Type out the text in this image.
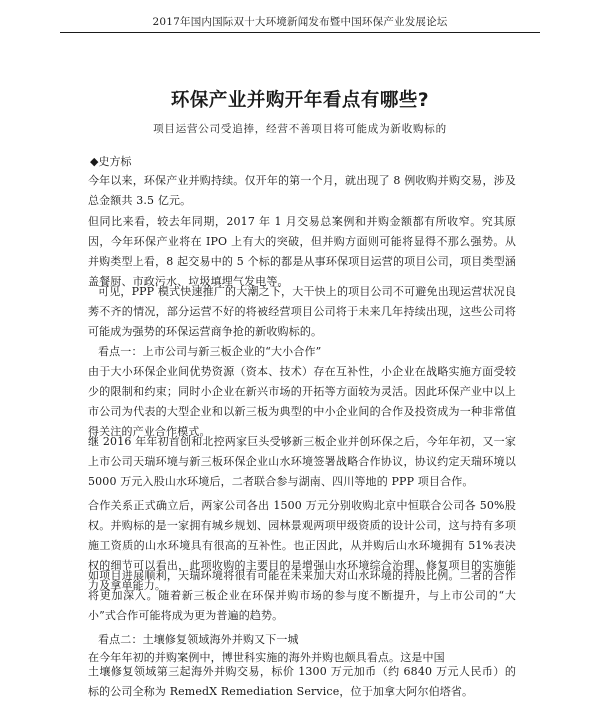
2017年国内国际双十大环境新闻发布暨中国环保产业发展论坛
环保产业并购开年看点有哪些?
项目运营公司受追捧，经营不善项目将可能成为新收购标的
◆史方标

今年以来，环保产业并购持续。仅开年的第一个月，就出现了 8 例收购并购交易，涉及总金额共 3.5 亿元。

但同比来看，较去年同期，2017 年 1 月交易总案例和并购金额都有所收窄。究其原因，今年环保产业将在 IPO 上有大的突破，但并购方面则可能将显得不那么强势。从并购类型上看，8 起交易中的 5 个标的都是从事环保项目运营的项目公司，项目类型涵盖餐厨、市政污水、垃圾填埋气发电等。

可见，PPP 模式快速推广的大潮之下，大干快上的项目公司不可避免出现运营状况良莠不齐的情况，部分运营不好的将被经营项目公司将于未来几年持续出现，这些公司将可能成为强势的环保运营商争抢的新收购标的。

看点一：上市公司与新三板企业的“大小合作”

由于大小环保企业间优势资源（资本、技术）存在互补性，小企业在战略实施方面受较少的限制和约束；同时小企业在新兴市场的开拓等方面较为灵活。因此环保产业中以上市公司为代表的大型企业和以新三板为典型的中小企业间的合作及投资成为一种非常值得关注的产业合作模式。

继 2016 年年初首创和北控两家巨头受够新三板企业并创环保之后，今年年初，又一家上市公司天瑞环境与新三板环保企业山水环境签署战略合作协议，协议约定天瑞环境以 5000 万元入股山水环境后，二者联合参与湖南、四川等地的 PPP 项目合作。

合作关系正式确立后，两家公司各出 1500 万元分别收购北京中恒联合公司各 50%股权。并购标的是一家拥有城乡规划、园林景观两项甲级资质的设计公司，这与持有多项施工资质的山水环境具有很高的互补性。也正因此，从并购后山水环境拥有 51%表决权的细节可以看出，此项收购的主要目的是增强山水环境综合治理、修复项目的实施能力及拿单能力。

如项目进展顺利，天瑞环境将很有可能在未来加大对山水环境的持股比例。二者的合作将更加深入。随着新三板企业在环保并购市场的参与度不断提升，与上市公司的“大小”式合作可能将成为更为普遍的趋势。

看点二：土壤修复领域海外并购又下一城

在今年年初的并购案例中，博世科实施的海外并购也颇具看点。这是中国

土壤修复领域第三起海外并购交易，标价 1300 万元加币（约 6840 万元人民币）的标的公司全称为 RemedX Remediation Service，位于加拿大阿尔伯塔省。
